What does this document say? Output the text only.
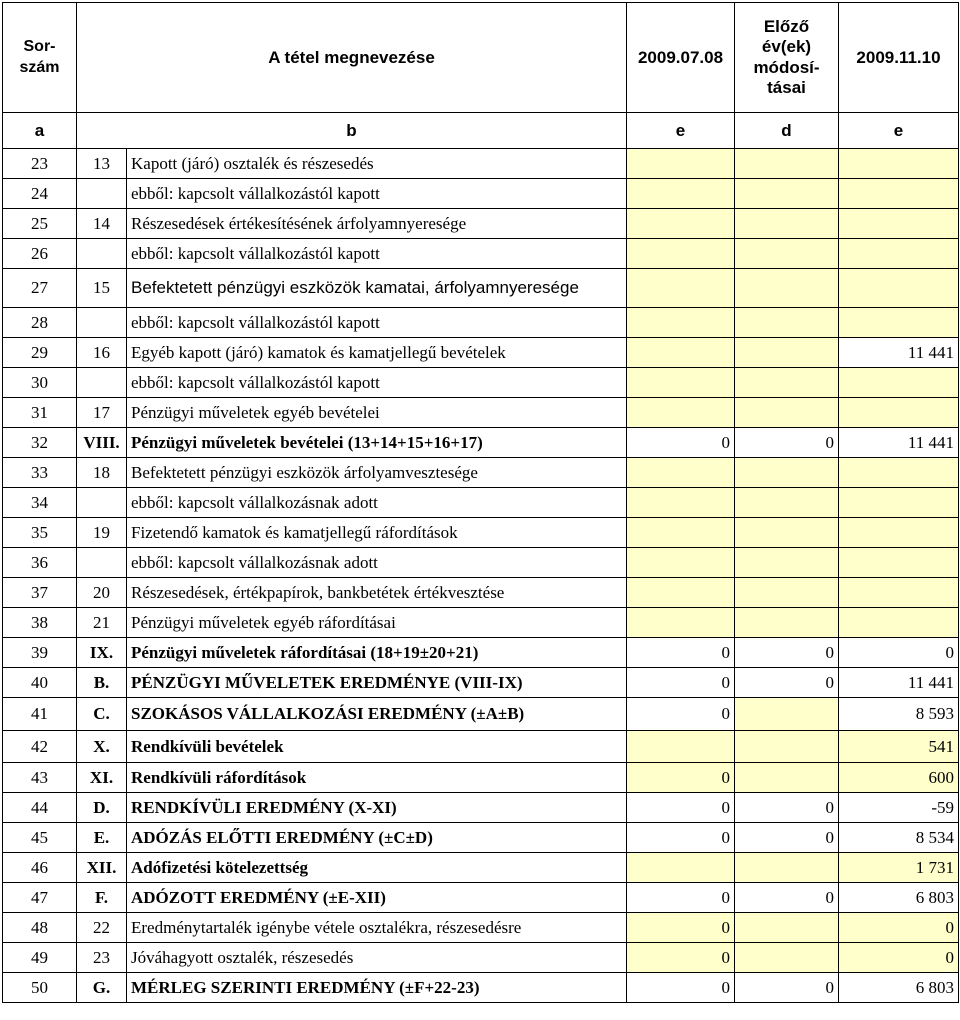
Sor-
szám	A tétel megnevezése		2009.07.08	Előző
év(ek)
módosí-
tásai	2009.11.10
a	b		e	d	e
23	13	Kapott (járó) osztalék és részesedés			
24		ebből: kapcsolt vállalkozástól kapott			
25	14	Részesedések értékesítésének árfolyamnyeresége			
26		ebből: kapcsolt vállalkozástól kapott			
27	15	Befektetett pénzügyi eszközök kamatai, árfolyamnyeresége			
28		ebből: kapcsolt vállalkozástól kapott			
29	16	Egyéb kapott (járó) kamatok és kamatjellegű bevételek			11 441
30		ebből: kapcsolt vállalkozástól kapott			
31	17	Pénzügyi műveletek egyéb bevételei			
32	VIII.	Pénzügyi műveletek bevételei (13+14+15+16+17)	0	0	11 441
33	18	Befektetett pénzügyi eszközök árfolyamvesztesége			
34		ebből: kapcsolt vállalkozásnak adott			
35	19	Fizetendő kamatok és kamatjellegű ráfordítások			
36		ebből: kapcsolt vállalkozásnak adott			
37	20	Részesedések, értékpapírok, bankbetétek értékvesztése			
38	21	Pénzügyi műveletek egyéb ráfordításai			
39	IX.	Pénzügyi műveletek ráfordításai (18+19±20+21)	0	0	0
40	B.	PÉNZÜGYI MŰVELETEK EREDMÉNYE (VIII-IX)	0	0	11 441
41	C.	SZOKÁSOS VÁLLALKOZÁSI EREDMÉNY (±A±B)	0		8 593
42	X.	Rendkívüli bevételek			541
43	XI.	Rendkívüli ráfordítások	0		600
44	D.	RENDKÍVÜLI EREDMÉNY (X-XI)	0	0	-59
45	E.	ADÓZÁS ELŐTTI EREDMÉNY (±C±D)	0	0	8 534
46	XII.	Adófizetési kötelezettség			1 731
47	F.	ADÓZOTT EREDMÉNY (±E-XII)	0	0	6 803
48	22	Eredménytartalék igénybe vétele osztalékra, részesedésre	0		0
49	23	Jóváhagyott osztalék, részesedés	0		0
50	G.	MÉRLEG SZERINTI EREDMÉNY (±F+22-23)	0	0	6 803
